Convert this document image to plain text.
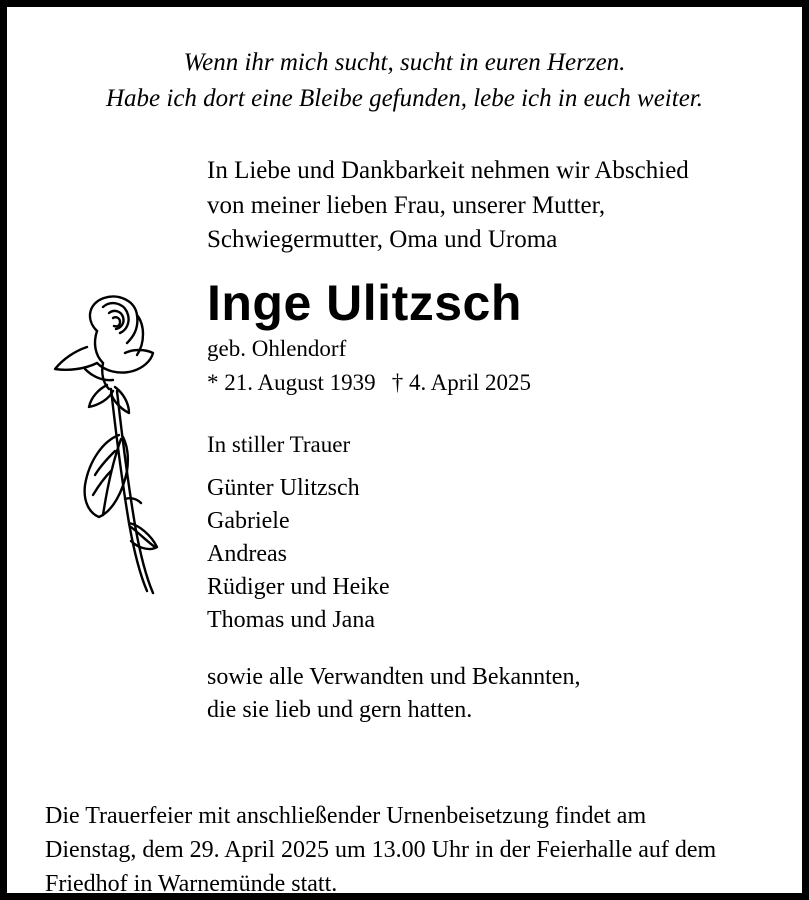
Wenn ihr mich sucht, sucht in euren Herzen.
Habe ich dort eine Bleibe gefunden, lebe ich in euch weiter.
In Liebe und Dankbarkeit nehmen wir Abschied
von meiner lieben Frau, unserer Mutter,
Schwiegermutter, Oma und Uroma
Inge Ulitzsch
geb. Ohlendorf
* 21. August 1939 † 4. April 2025
In stiller Trauer
Günter Ulitzsch
Gabriele
Andreas
Rüdiger und Heike
Thomas und Jana
sowie alle Verwandten und Bekannten,
die sie lieb und gern hatten.
Die Trauerfeier mit anschließender Urnenbeisetzung findet am
Dienstag, dem 29. April 2025 um 13.00 Uhr in der Feierhalle auf dem
Friedhof in Warnemünde statt.
